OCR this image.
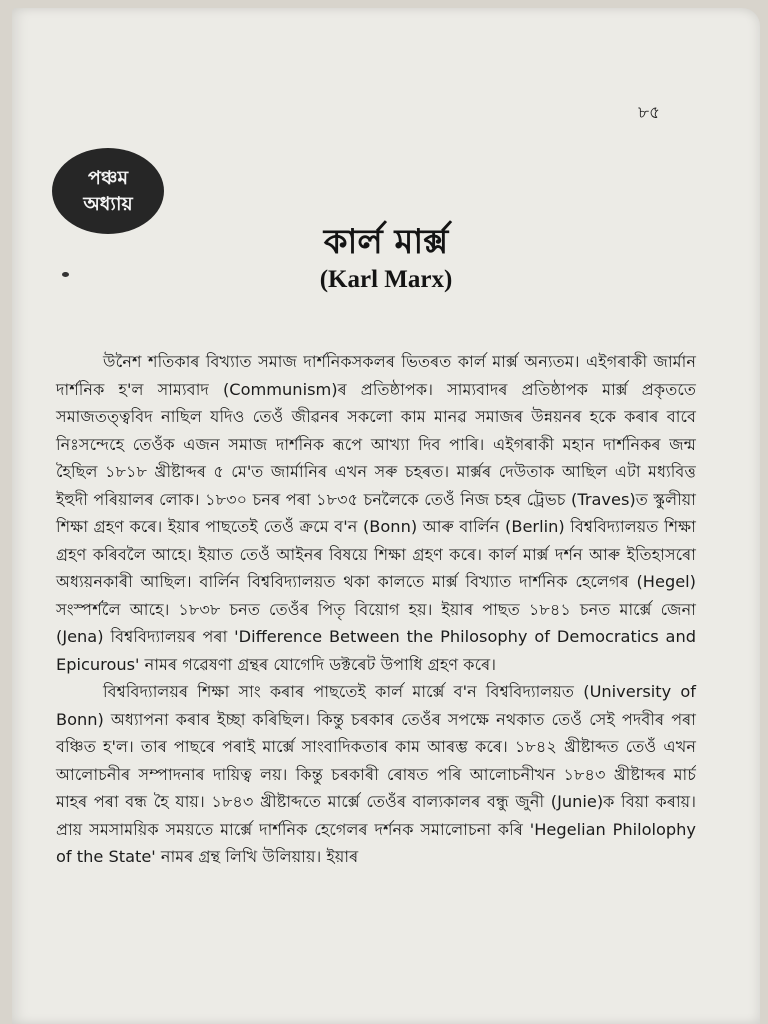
৮৫
পঞ্চম
অধ্যায়
কাৰ্ল মাৰ্ক্স
(Karl Marx)

উনৈশ শতিকাৰ বিখ্যাত সমাজ দাৰ্শনিকসকলৰ ভিতৰত কাৰ্ল মাৰ্ক্স অন্যতম। এইগৰাকী জাৰ্মান দাৰ্শনিক হ'ল সাম্যবাদ (Communism)ৰ প্ৰতিষ্ঠাপক। সাম্যবাদৰ প্ৰতিষ্ঠাপক মাৰ্ক্স প্ৰকৃততে সমাজতত্ত্ববিদ নাছিল যদিও তেওঁ জীৱনৰ সকলো কাম মানৱ সমাজৰ উন্নয়নৰ হকে কৰাৰ বাবে নিঃসন্দেহে তেওঁক এজন সমাজ দাৰ্শনিক ৰূপে আখ্যা দিব পাৰি। এইগৰাকী মহান দাৰ্শনিকৰ জন্ম হৈছিল ১৮১৮ খ্ৰীষ্টাব্দৰ ৫ মে'ত জাৰ্মানিৰ এখন সৰু চহৰত। মাৰ্ক্সৰ দেউতাক আছিল এটা মধ্যবিত্ত ইহুদী পৰিয়ালৰ লোক। ১৮৩০ চনৰ পৰা ১৮৩৫ চনলৈকে তেওঁ নিজ চহৰ ট্ৰেভচ (Traves)ত স্কুলীয়া শিক্ষা গ্ৰহণ কৰে। ইয়াৰ পাছতেই তেওঁ ক্ৰমে ব'ন (Bonn) আৰু বাৰ্লিন (Berlin) বিশ্ববিদ্যালয়ত শিক্ষা গ্ৰহণ কৰিবলৈ আহে। ইয়াত তেওঁ আইনৰ বিষয়ে শিক্ষা গ্ৰহণ কৰে। কাৰ্ল মাৰ্ক্স দৰ্শন আৰু ইতিহাসৰো অধ্যয়নকাৰী আছিল। বাৰ্লিন বিশ্ববিদ্যালয়ত থকা কালতে মাৰ্ক্স বিখ্যাত দাৰ্শনিক হেলেগৰ (Hegel) সংস্পৰ্শলৈ আহে। ১৮৩৮ চনত তেওঁৰ পিতৃ বিয়োগ হয়। ইয়াৰ পাছত ১৮৪১ চনত মাৰ্ক্সে জেনা (Jena) বিশ্ববিদ্যালয়ৰ পৰা 'Difference Between the Philosophy of Democratics and Epicurous' নামৰ গৱেষণা গ্ৰন্থৰ যোগেদি ডক্টৰেট উপাধি গ্ৰহণ কৰে।

বিশ্ববিদ্যালয়ৰ শিক্ষা সাং কৰাৰ পাছতেই কাৰ্ল মাৰ্ক্সে ব'ন বিশ্ববিদ্যালয়ত (University of Bonn) অধ্যাপনা কৰাৰ ইচ্ছা কৰিছিল। কিন্তু চৰকাৰ তেওঁৰ সপক্ষে নথকাত তেওঁ সেই পদবীৰ পৰা বঞ্চিত হ'ল। তাৰ পাছৰে পৰাই মাৰ্ক্সে সাংবাদিকতাৰ কাম আৰম্ভ কৰে। ১৮৪২ খ্ৰীষ্টাব্দত তেওঁ এখন আলোচনীৰ সম্পাদনাৰ দায়িত্ব লয়। কিন্তু চৰকাৰী ৰোষত পৰি আলোচনীখন ১৮৪৩ খ্ৰীষ্টাব্দৰ মাৰ্চ মাহৰ পৰা বন্ধ হৈ যায়। ১৮৪৩ খ্ৰীষ্টাব্দতে মাৰ্ক্সে তেওঁৰ বাল্যকালৰ বন্ধু জুনী (Junie)ক বিয়া কৰায়। প্ৰায় সমসাময়িক সময়তে মাৰ্ক্সে দাৰ্শনিক হেগেলৰ দৰ্শনক সমালোচনা কৰি 'Hegelian Philolophy of the State' নামৰ গ্ৰন্থ লিখি উলিয়ায়। ইয়াৰ
